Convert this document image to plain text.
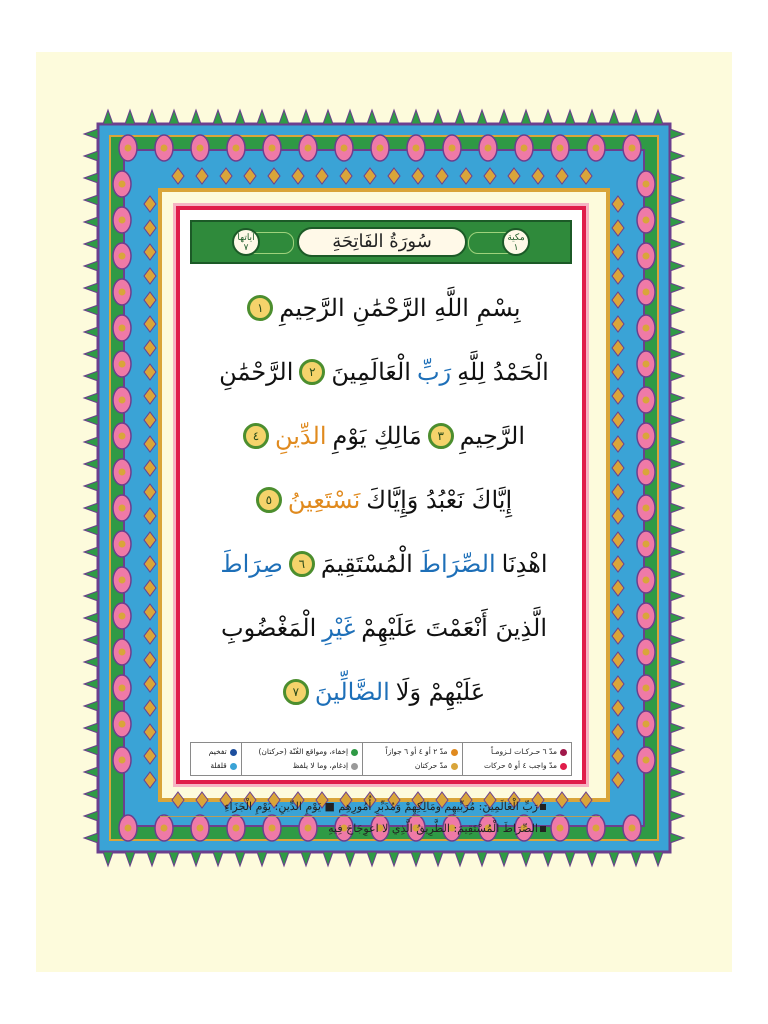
آياتها ٧	سُورَةُ الفَاتِحَةِ	مكية ١
بِسْمِ اللَّهِ الرَّحْمَٰنِ الرَّحِيمِ
١
الْحَمْدُ لِلَّهِ
رَبِّ
الْعَالَمِينَ
٢
الرَّحْمَٰنِ
الرَّحِيمِ
٣
مَالِكِ يَوْمِ
الدِّينِ
٤
إِيَّاكَ نَعْبُدُ وَإِيَّاكَ
نَسْتَعِينُ
٥
اهْدِنَا
الصِّرَاطَ
الْمُسْتَقِيمَ
٦
صِرَاطَ
الَّذِينَ أَنْعَمْتَ عَلَيْهِمْ
غَيْرِ
الْمَغْضُوبِ
عَلَيْهِمْ وَلَا
الضَّالِّينَ
٧
مدّ ٦ حـركـات لـزومـاً
مدّ واجب ٤ أو ٥ حركات
مدّ ٢ أو ٤ أو ٦ جوازاً
مدّ حركتان
إخفاء، ومواقع الغُنّة (حركتان)
إدغام، وما لا يلفظ
تفخيم
قلقلة
رَبِّ الْعَالَمِينَ: مُرَبِّيهِم ومَالِكِهِمْ وَمُدَبِّرِ أُمُورِهِم ■ يَوْمِ الدِّينِ: يَوْمِ الْجَزَاءِ
الصِّرَاطَ الْمُسْتَقِيمَ: الطَّرِيقُ الَّذِي لا اعوِجَاجَ فِيهِ
